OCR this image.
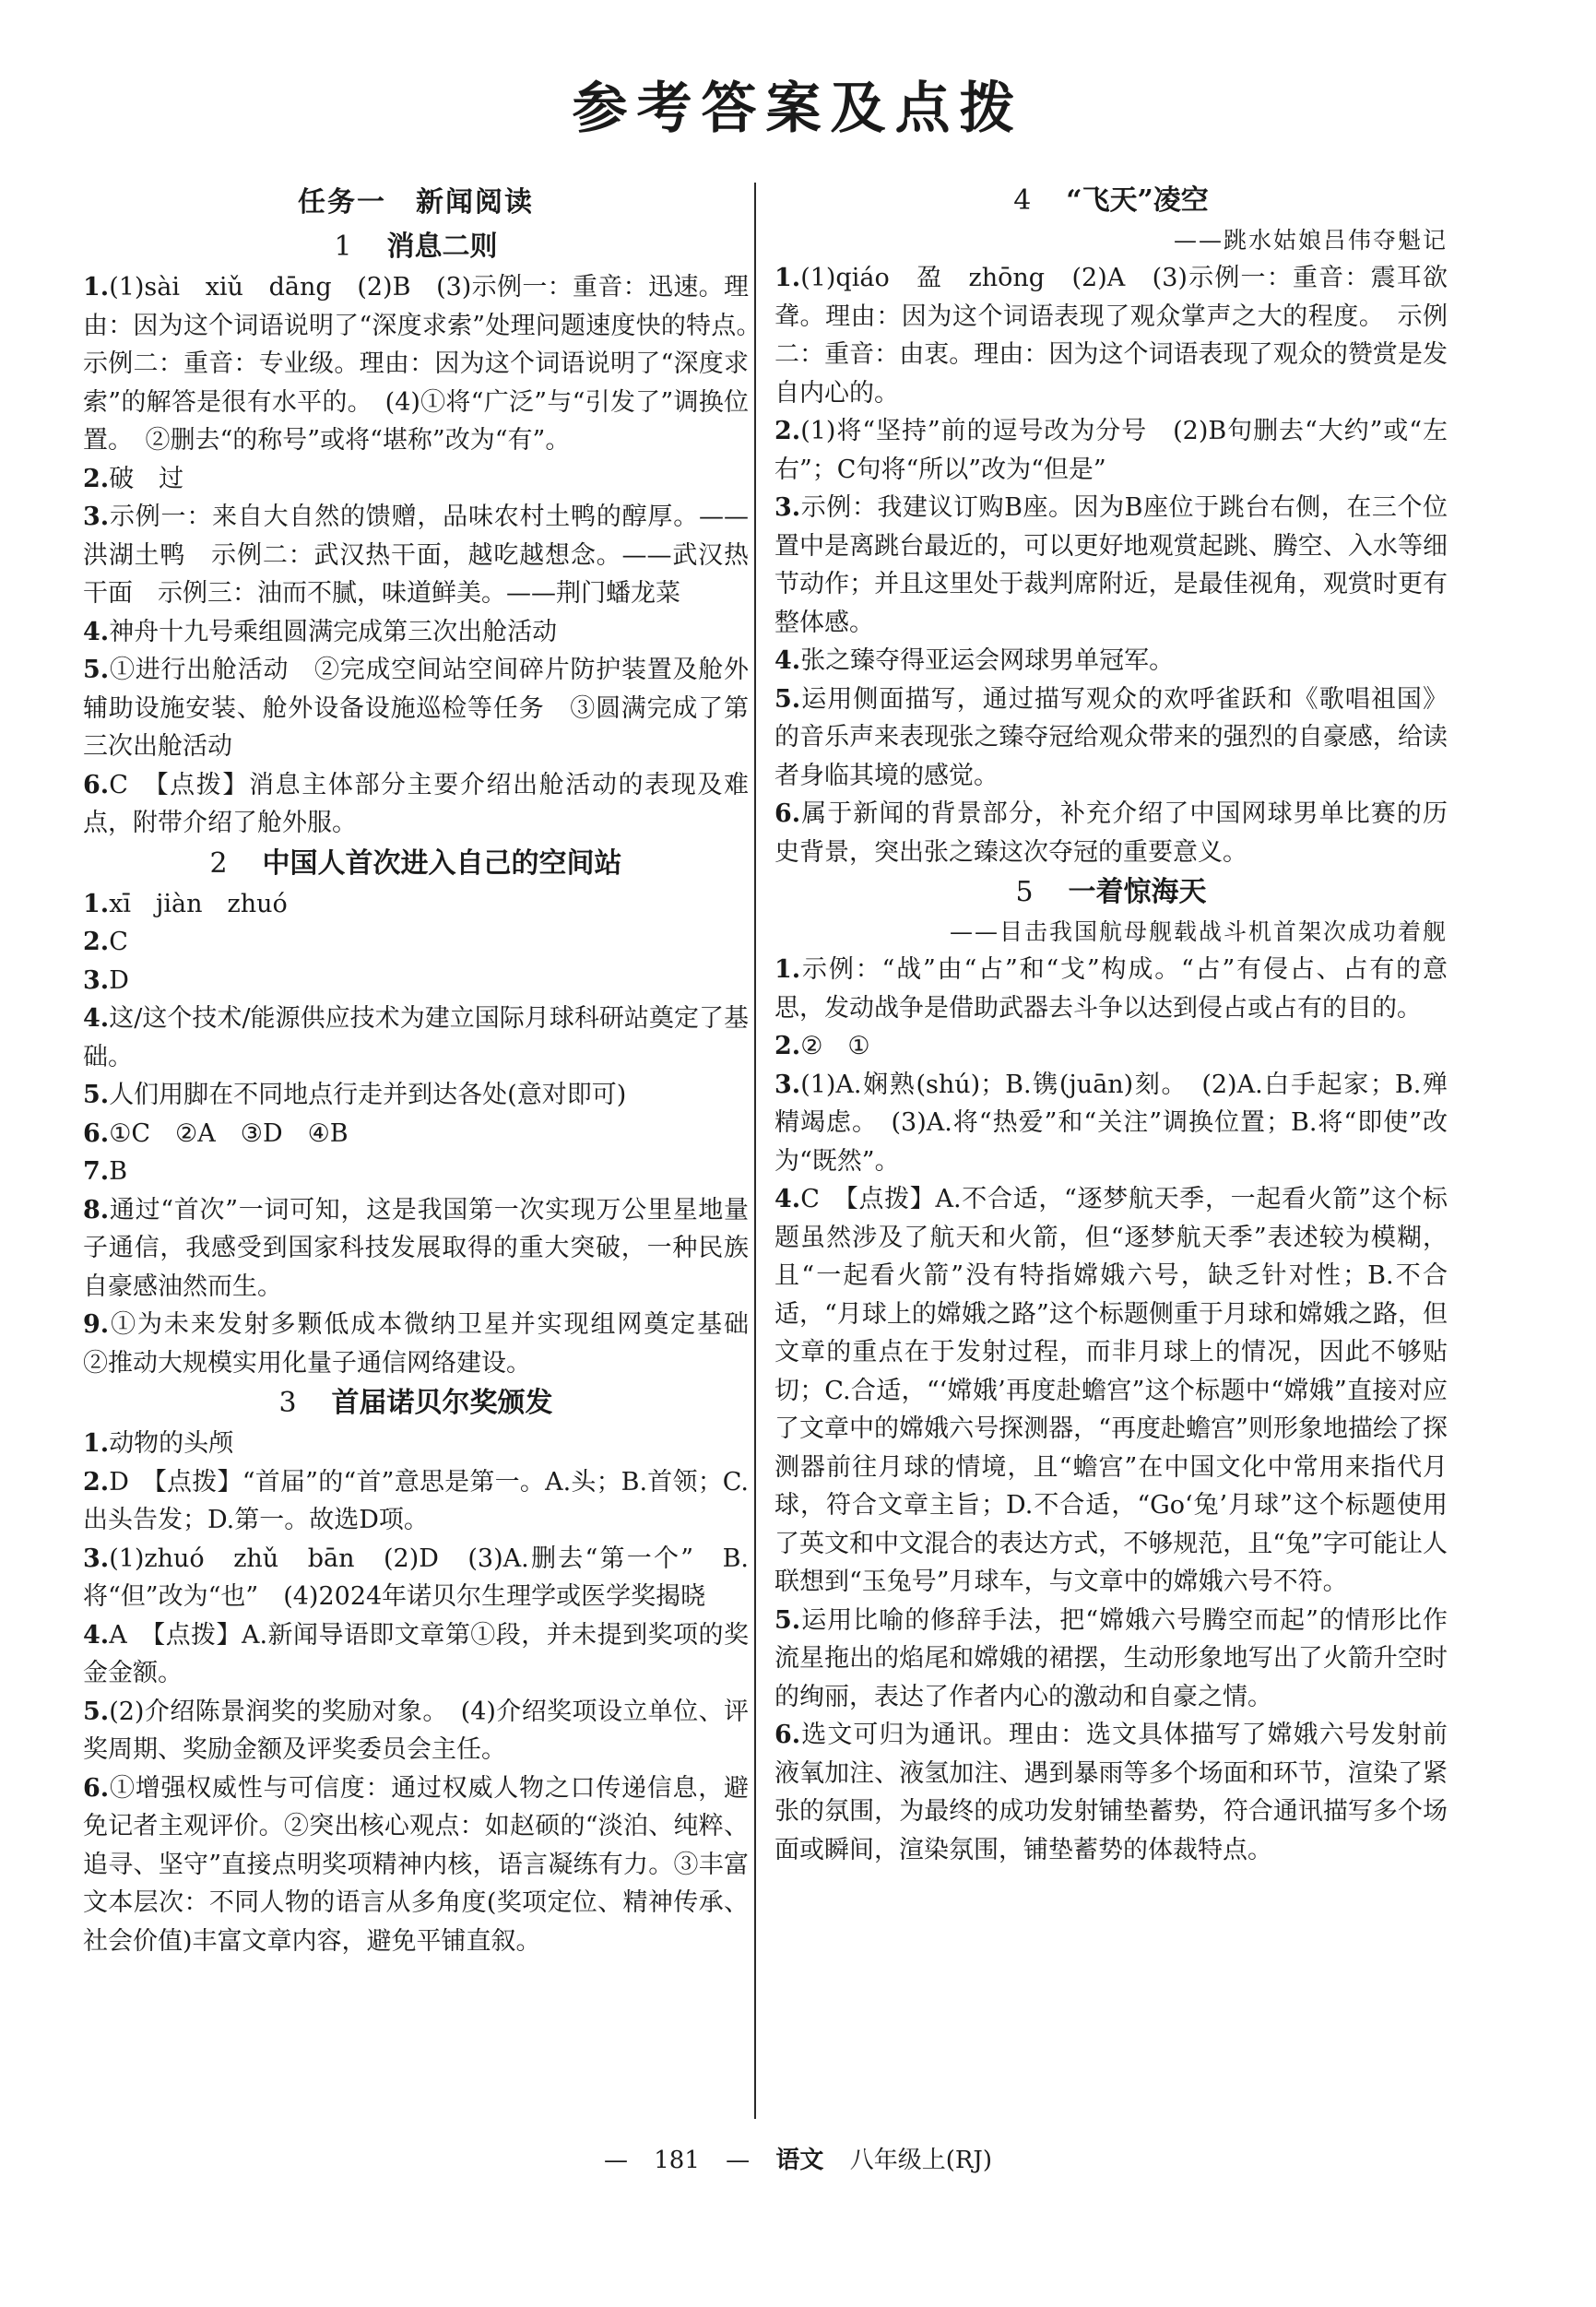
参考答案及点拨
任务一　新闻阅读
1 消息二则
1.(1)sài　xiǔ　dāng　(2)B　(3)示例一：重音：迅速。理由：因为这个词语说明了“深度求索”处理问题速度快的特点。　示例二：重音：专业级。理由：因为这个词语说明了“深度求索”的解答是很有水平的。　(4)①将“广泛”与“引发了”调换位置。　②删去“的称号”或将“堪称”改为“有”。
2.破　过
3.示例一：来自大自然的馈赠，品味农村土鸭的醇厚。——洪湖土鸭　示例二：武汉热干面，越吃越想念。——武汉热干面　示例三：油而不腻，味道鲜美。——荆门蟠龙菜
4.神舟十九号乘组圆满完成第三次出舱活动
5.①进行出舱活动　②完成空间站空间碎片防护装置及舱外辅助设施安装、舱外设备设施巡检等任务　③圆满完成了第三次出舱活动
6.C　【点拨】消息主体部分主要介绍出舱活动的表现及难点，附带介绍了舱外服。
2 中国人首次进入自己的空间站
1.xī　jiàn　zhuó
2.C
3.D
4.这/这个技术/能源供应技术为建立国际月球科研站奠定了基础。
5.人们用脚在不同地点行走并到达各处(意对即可)
6.①C　②A　③D　④B
7.B
8.通过“首次”一词可知，这是我国第一次实现万公里星地量子通信，我感受到国家科技发展取得的重大突破，一种民族自豪感油然而生。
9.①为未来发射多颗低成本微纳卫星并实现组网奠定基础　②推动大规模实用化量子通信网络建设。
3 首届诺贝尔奖颁发
1.动物的头颅
2.D　【点拨】“首届”的“首”意思是第一。A.头；B.首领；C.出头告发；D.第一。故选D项。
3.(1)zhuó　zhǔ　bān　(2)D　(3)A.删去“第一个”　B.将“但”改为“也”　(4)2024年诺贝尔生理学或医学奖揭晓
4.A　【点拨】A.新闻导语即文章第①段，并未提到奖项的奖金金额。
5.(2)介绍陈景润奖的奖励对象。　(4)介绍奖项设立单位、评奖周期、奖励金额及评奖委员会主任。
6.①增强权威性与可信度：通过权威人物之口传递信息，避免记者主观评价。②突出核心观点：如赵硕的“淡泊、纯粹、追寻、坚守”直接点明奖项精神内核，语言凝练有力。③丰富文本层次：不同人物的语言从多角度(奖项定位、精神传承、社会价值)丰富文章内容，避免平铺直叙。
4 “飞天”凌空
——跳水姑娘吕伟夺魁记
1.(1)qiáo　盈　zhōng　(2)A　(3)示例一：重音：震耳欲聋。理由：因为这个词语表现了观众掌声之大的程度。　示例二：重音：由衷。理由：因为这个词语表现了观众的赞赏是发自内心的。
2.(1)将“坚持”前的逗号改为分号　(2)B句删去“大约”或“左右”；C句将“所以”改为“但是”
3.示例：我建议订购B座。因为B座位于跳台右侧，在三个位置中是离跳台最近的，可以更好地观赏起跳、腾空、入水等细节动作；并且这里处于裁判席附近，是最佳视角，观赏时更有整体感。
4.张之臻夺得亚运会网球男单冠军。
5.运用侧面描写，通过描写观众的欢呼雀跃和《歌唱祖国》的音乐声来表现张之臻夺冠给观众带来的强烈的自豪感，给读者身临其境的感觉。
6.属于新闻的背景部分，补充介绍了中国网球男单比赛的历史背景，突出张之臻这次夺冠的重要意义。
5 一着惊海天
——目击我国航母舰载战斗机首架次成功着舰
1.示例：“战”由“占”和“戈”构成。“占”有侵占、占有的意思，发动战争是借助武器去斗争以达到侵占或占有的目的。
2.②　①
3.(1)A.娴熟(shú)；B.镌(juān)刻。　(2)A.白手起家；B.殚精竭虑。　(3)A.将“热爱”和“关注”调换位置；B.将“即使”改为“既然”。
4.C　【点拨】A.不合适，“逐梦航天季，一起看火箭”这个标题虽然涉及了航天和火箭，但“逐梦航天季”表述较为模糊，且“一起看火箭”没有特指嫦娥六号，缺乏针对性；B.不合适，“月球上的嫦娥之路”这个标题侧重于月球和嫦娥之路，但文章的重点在于发射过程，而非月球上的情况，因此不够贴切；C.合适，“‘嫦娥’再度赴蟾宫”这个标题中“嫦娥”直接对应了文章中的嫦娥六号探测器，“再度赴蟾宫”则形象地描绘了探测器前往月球的情境，且“蟾宫”在中国文化中常用来指代月球，符合文章主旨；D.不合适，“Go‘兔’月球”这个标题使用了英文和中文混合的表达方式，不够规范，且“兔”字可能让人联想到“玉兔号”月球车，与文章中的嫦娥六号不符。
5.运用比喻的修辞手法，把“嫦娥六号腾空而起”的情形比作流星拖出的焰尾和嫦娥的裙摆，生动形象地写出了火箭升空时的绚丽，表达了作者内心的激动和自豪之情。
6.选文可归为通讯。理由：选文具体描写了嫦娥六号发射前液氧加注、液氢加注、遇到暴雨等多个场面和环节，渲染了紧张的氛围，为最终的成功发射铺垫蓄势，符合通讯描写多个场面或瞬间，渲染氛围，铺垫蓄势的体裁特点。
— 181 — 语文 八年级上(RJ)
